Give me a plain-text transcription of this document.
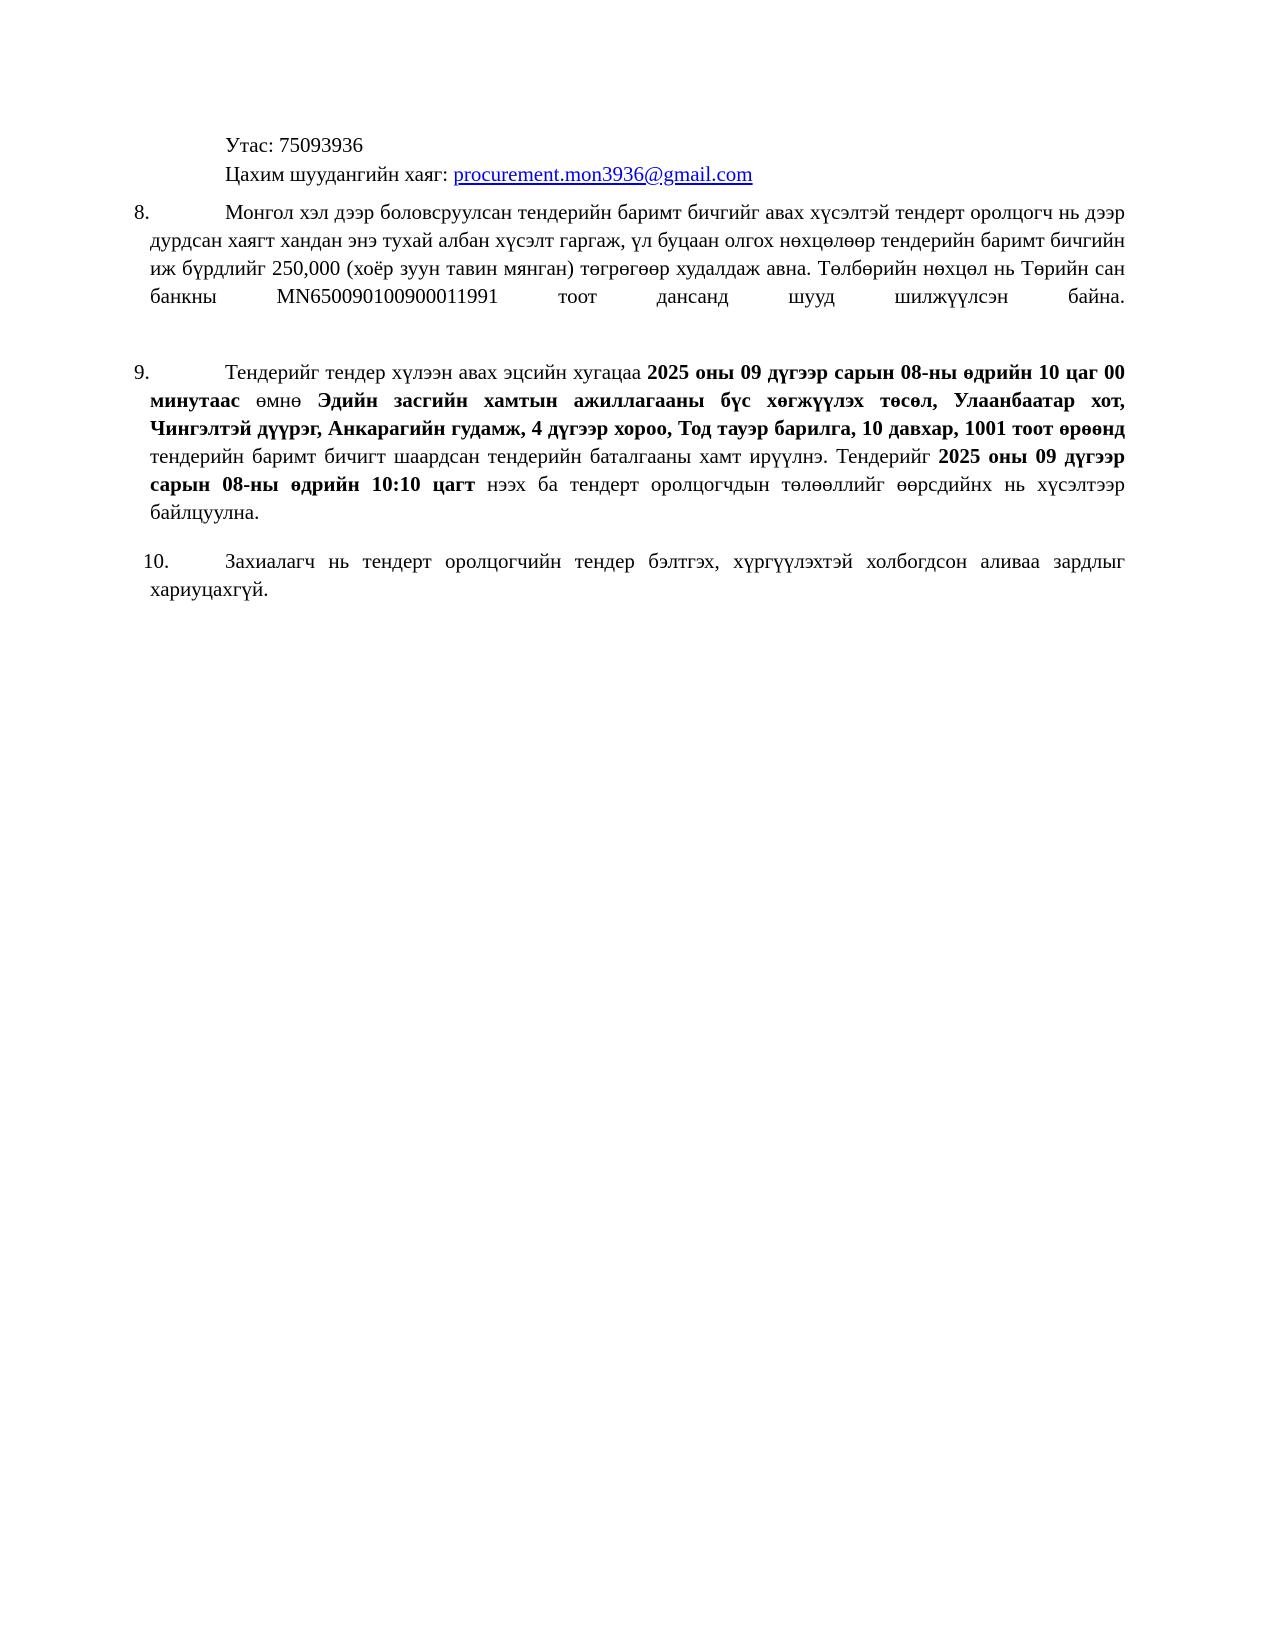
Утас: 75093936
Цахим шуудангийн хаяг: procurement.mon3936@gmail.com
8.	Монгол хэл дээр боловсруулсан тендерийн баримт бичгийг авах хүсэлтэй тендерт оролцогч нь дээр дурдсан хаягт хандан энэ тухай албан хүсэлт гаргаж, үл буцаан олгох нөхцөлөөр тендерийн баримт бичгийн иж бүрдлийг 250,000 (хоёр зуун тавин мянган) төгрөгөөр худалдаж авна. Төлбөрийн нөхцөл нь Төрийн сан банкны MN650090100900011991 тоот дансанд шууд шилжүүлсэн байна.

9.	Тендерийг тендер хүлээн авах эцсийн хугацаа 2025 оны 09 дүгээр сарын 08-ны өдрийн 10 цаг 00 минутаас өмнө Эдийн засгийн хамтын ажиллагааны бүс хөгжүүлэх төсөл, Улаанбаатар хот, Чингэлтэй дүүрэг, Анкарагийн гудамж, 4 дүгээр хороо, Тод тауэр барилга, 10 давхар, 1001 тоот өрөөнд тендерийн баримт бичигт шаардсан тендерийн баталгааны хамт ирүүлнэ. Тендерийг 2025 оны 09 дүгээр сарын 08-ны өдрийн 10:10 цагт нээх ба тендерт оролцогчдын төлөөллийг өөрсдийнх нь хүсэлтээр байлцуулна.

10.	Захиалагч нь тендерт оролцогчийн тендер бэлтгэх, хүргүүлэхтэй холбогдсон аливаа зардлыг хариуцахгүй.
